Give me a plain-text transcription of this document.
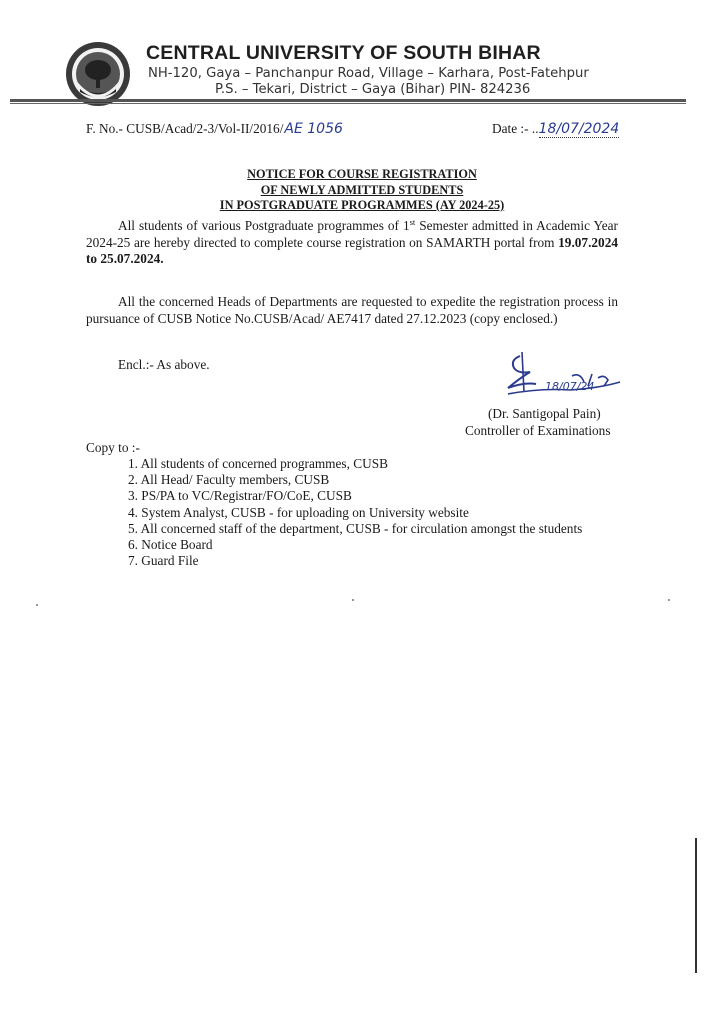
CENTRAL UNIVERSITY OF SOUTH BIHAR
NH-120, Gaya – Panchanpur Road, Village – Karhara, Post-Fatehpur
P.S. – Tekari, District – Gaya (Bihar) PIN- 824236
F. No.- CUSB/Acad/2-3/Vol-II/2016/AE 1056	Date :- ..18/07/2024
NOTICE FOR COURSE REGISTRATION
OF NEWLY ADMITTED STUDENTS
IN POSTGRADUATE PROGRAMMES (AY 2024-25)
All students of various Postgraduate programmes of 1st Semester admitted in Academic Year 2024-25 are hereby directed to complete course registration on SAMARTH portal from 19.07.2024 to 25.07.2024.
All the concerned Heads of Departments are requested to expedite the registration process in pursuance of CUSB Notice No.CUSB/Acad/ AE7417 dated 27.12.2023 (copy enclosed.)
Encl.:- As above.
18/07/24
(Dr. Santigopal Pain)
Controller of Examinations
Copy to :-
1. All students of concerned programmes, CUSB
2. All Head/ Faculty members, CUSB
3. PS/PA to VC/Registrar/FO/CoE, CUSB
4. System Analyst, CUSB - for uploading on University website
5. All concerned staff of the department, CUSB - for circulation amongst the students
6. Notice Board
7. Guard File
